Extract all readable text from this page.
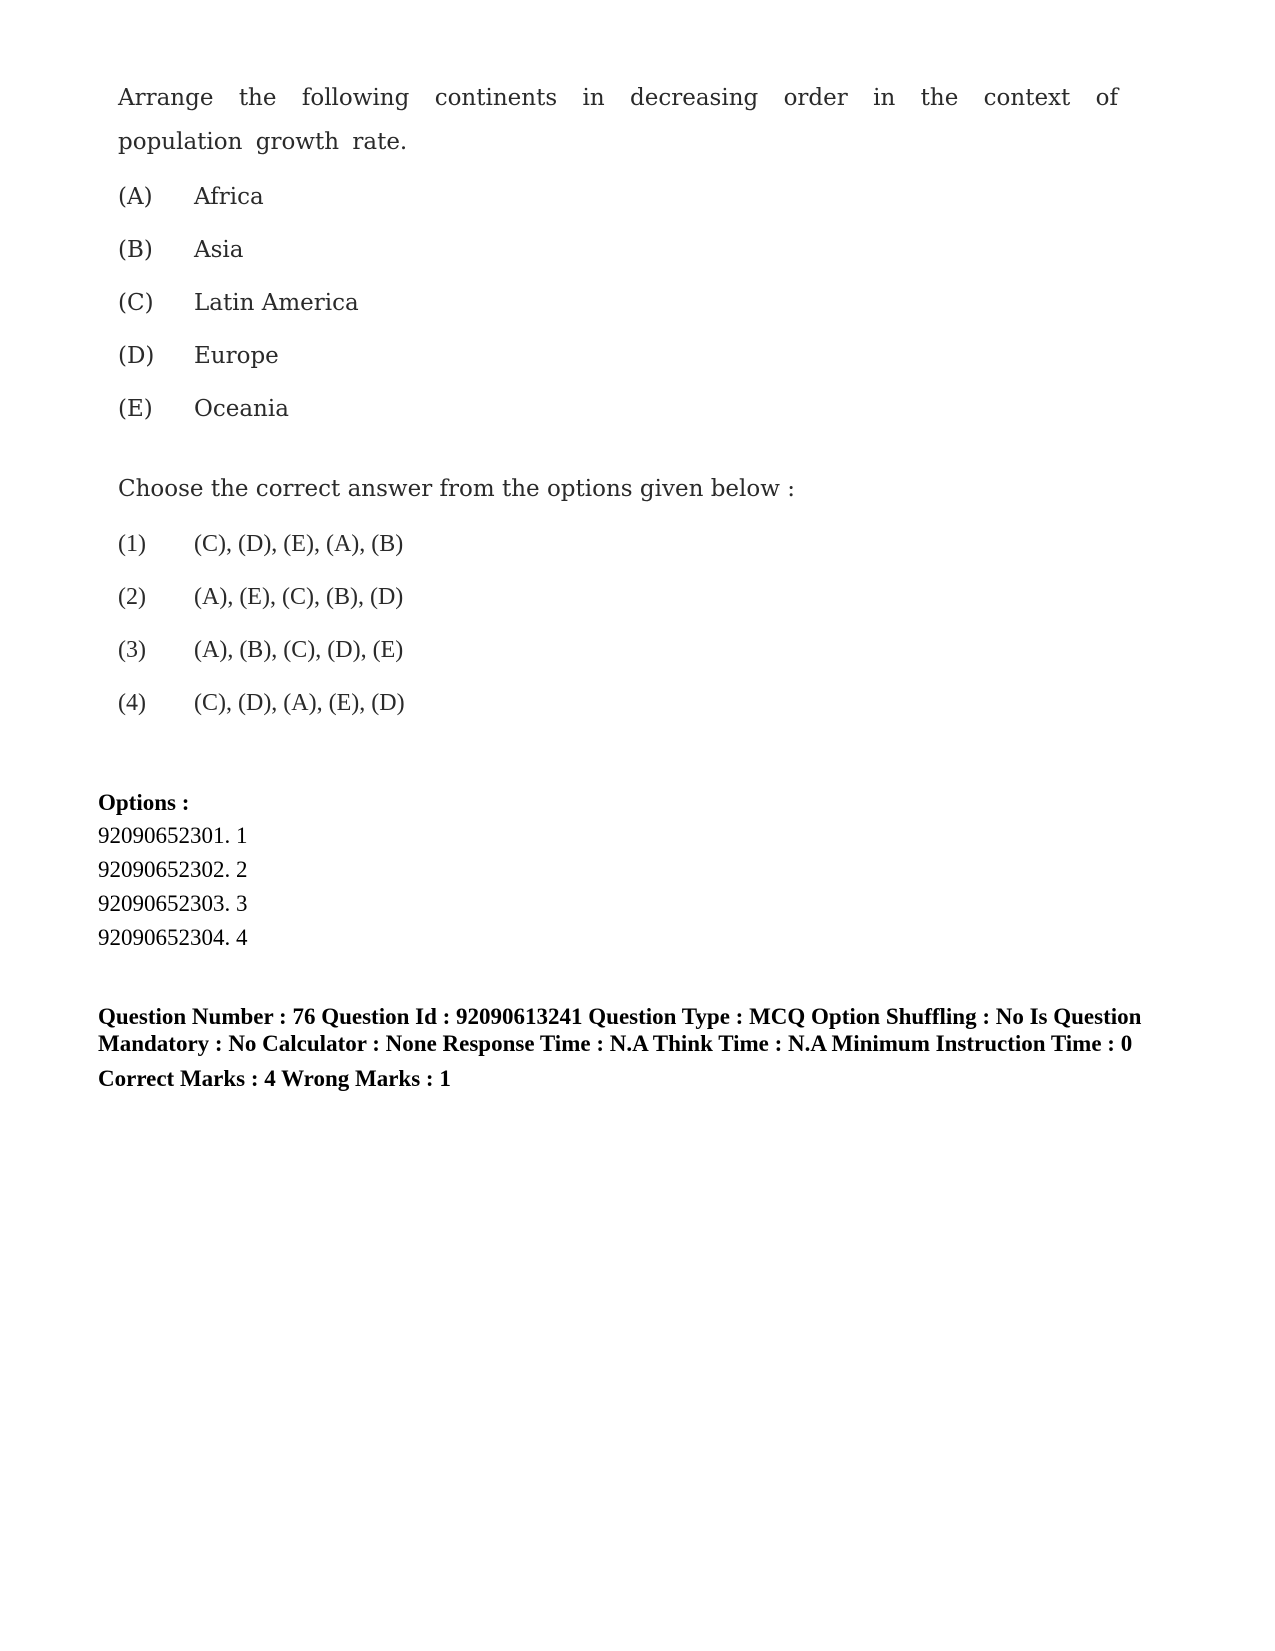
Arrange the following continents in decreasing order in the context of population growth rate.

(A)	Africa
(B)	Asia
(C)	Latin America
(D)	Europe
(E)	Oceania

Choose the correct answer from the options given below :

(1)	(C), (D), (E), (A), (B)
(2)	(A), (E), (C), (B), (D)
(3)	(A), (B), (C), (D), (E)
(4)	(C), (D), (A), (E), (D)
Options :

92090652301. 1

92090652302. 2

92090652303. 3

92090652304. 4

Question Number : 76 Question Id : 92090613241 Question Type : MCQ Option Shuffling : No Is Question Mandatory : No Calculator : None Response Time : N.A Think Time : N.A Minimum Instruction Time : 0
Correct Marks : 4 Wrong Marks : 1
